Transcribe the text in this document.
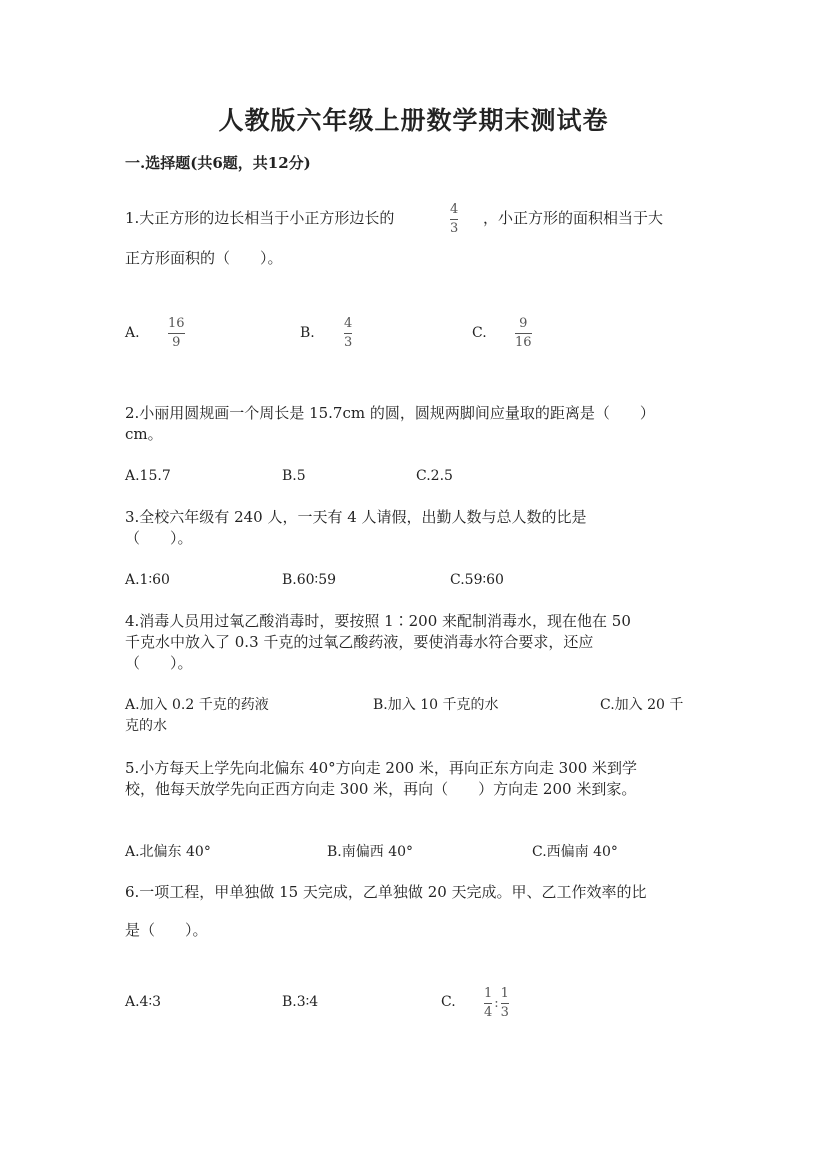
人教版六年级上册数学期末测试卷
一.选择题(共6题，共12分)
1.大正方形的边长相当于小正方形边长的	4
3
，小正方形的面积相当于大
正方形面积的（　　）。
A.
16
9
B.
4
3
C.
9
16
2.小丽用圆规画一个周长是 15.7cm 的圆，圆规两脚间应量取的距离是（　　）
cm。
A.15.7	B.5	C.2.5
3.全校六年级有 240 人，一天有 4 人请假，出勤人数与总人数的比是
（　　）。
A.1∶60	B.60∶59	C.59∶60
4.消毒人员用过氧乙酸消毒时，要按照 1∶200 来配制消毒水，现在他在 50
千克水中放入了 0.3 千克的过氧乙酸药液，要使消毒水符合要求，还应
（　　）。
A.加入 0.2 千克的药液	B.加入 10 千克的水	C.加入 20 千
克的水
5.小方每天上学先向北偏东 40°方向走 200 米，再向正东方向走 300 米到学
校，他每天放学先向正西方向走 300 米，再向（　　）方向走 200 米到家。
A.北偏东 40°	B.南偏西 40°	C.西偏南 40°
6.一项工程，甲单独做 15 天完成，乙单独做 20 天完成。甲、乙工作效率的比
是（　　）。
A.4∶3	B.3∶4	C. $\frac{1}{4}$ : $\frac{1}{3}$
